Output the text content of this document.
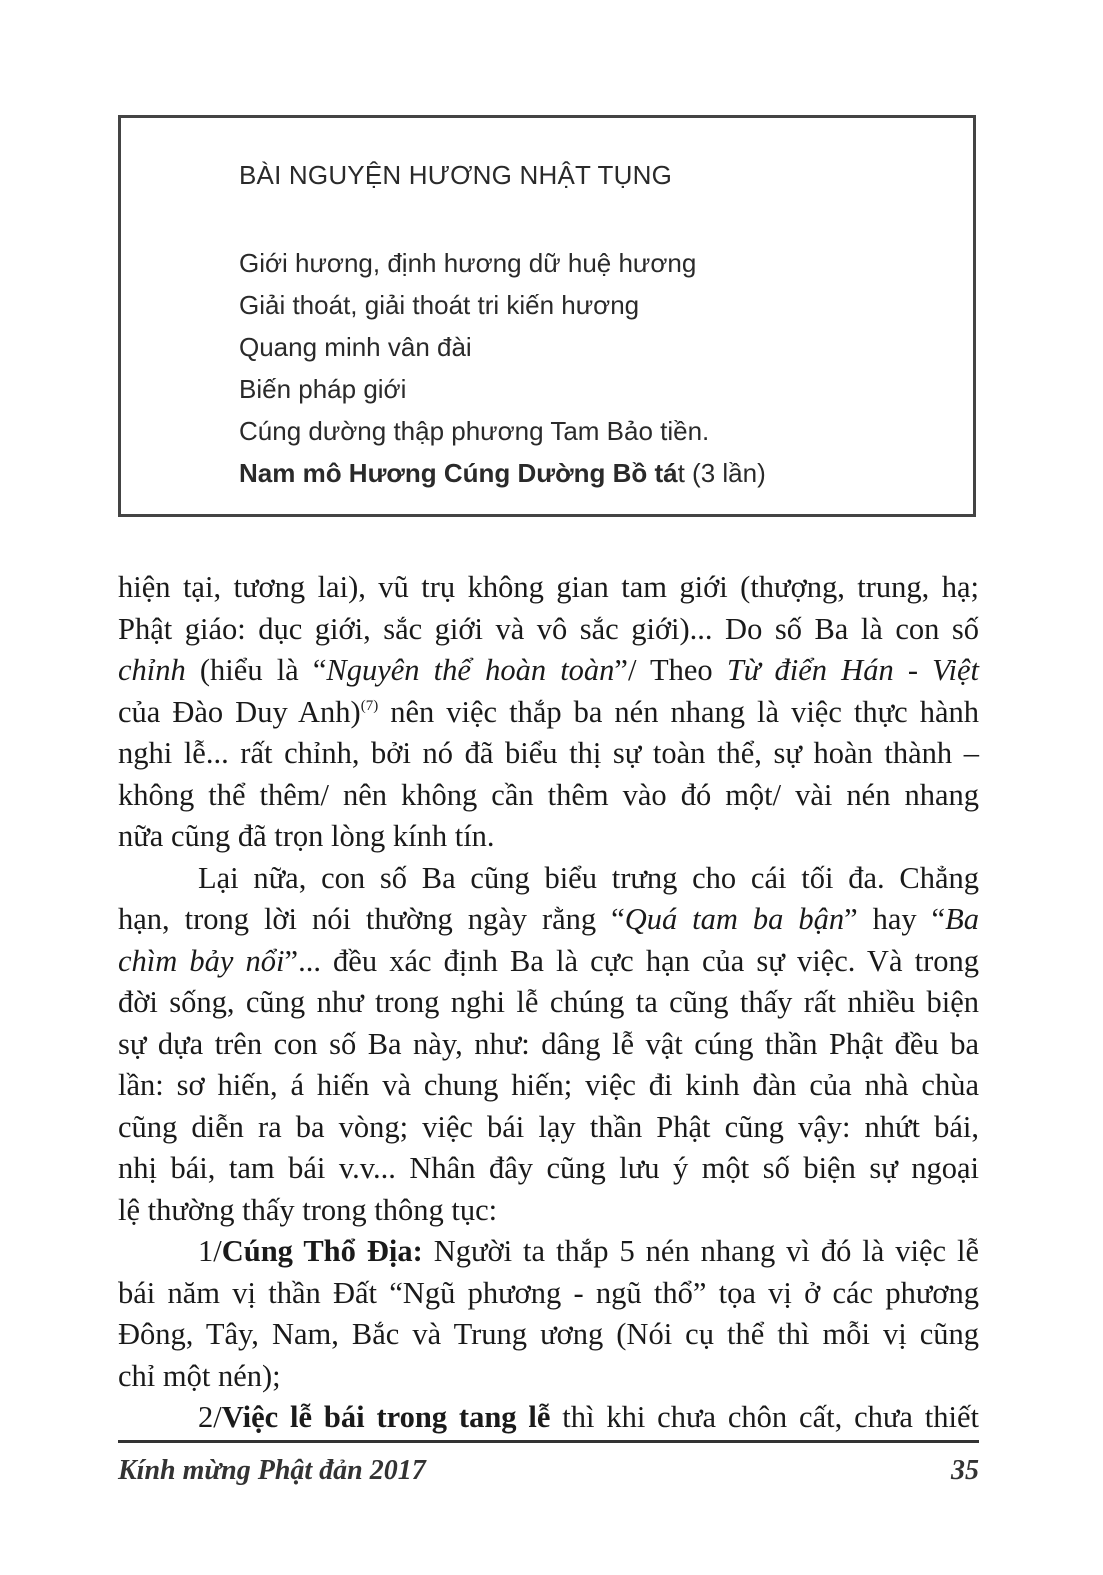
BÀI NGUYỆN HƯƠNG NHẬT TỤNG
Giới hương, định hương dữ huệ hương
Giải thoát, giải thoát tri kiến hương
Quang minh vân đài
Biến pháp giới
Cúng dường thập phương Tam Bảo tiền.
Nam mô Hương Cúng Dường Bồ tát (3 lần)
hiện tại, tương lai), vũ trụ không gian tam giới (thượng, trung, hạ;
Phật giáo: dục giới, sắc giới và vô sắc giới)... Do số Ba là con số
chỉnh (hiểu là “Nguyên thể hoàn toàn”/ Theo Từ điển Hán - Việt
của Đào Duy Anh)$^{(7)}$ nên việc thắp ba nén nhang là việc thực hành
nghi lễ... rất chỉnh, bởi nó đã biểu thị sự toàn thể, sự hoàn thành –
không thể thêm/ nên không cần thêm vào đó một/ vài nén nhang
nữa cũng đã trọn lòng kính tín.
Lại nữa, con số Ba cũng biểu trưng cho cái tối đa. Chẳng
hạn, trong lời nói thường ngày rằng “Quá tam ba bận” hay “Ba
chìm bảy nổi”... đều xác định Ba là cực hạn của sự việc. Và trong
đời sống, cũng như trong nghi lễ chúng ta cũng thấy rất nhiều biện
sự dựa trên con số Ba này, như: dâng lễ vật cúng thần Phật đều ba
lần: sơ hiến, á hiến và chung hiến; việc đi kinh đàn của nhà chùa
cũng diễn ra ba vòng; việc bái lạy thần Phật cũng vậy: nhứt bái,
nhị bái, tam bái v.v... Nhân đây cũng lưu ý một số biện sự ngoại
lệ thường thấy trong thông tục:
1/Cúng Thổ Địa: Người ta thắp 5 nén nhang vì đó là việc lễ
bái năm vị thần Đất “Ngũ phương - ngũ thổ” tọa vị ở các phương
Đông, Tây, Nam, Bắc và Trung ương (Nói cụ thể thì mỗi vị cũng
chỉ một nén);
2/Việc lễ bái trong tang lễ thì khi chưa chôn cất, chưa thiết
Kính mừng Phật đản 2017	35
